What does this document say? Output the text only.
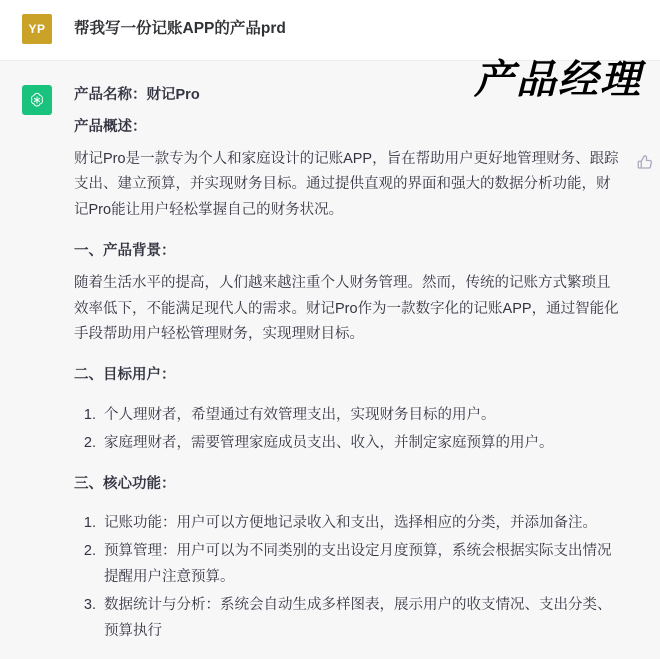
产品经理
YP	帮我写一份记账APP的产品prd

产品名称：财记Pro

产品概述：

财记Pro是一款专为个人和家庭设计的记账APP，旨在帮助用户更好地管理财务、跟踪支出、建立预算，并实现财务目标。通过提供直观的界面和强大的数据分析功能，财记Pro能让用户轻松掌握自己的财务状况。

一、产品背景：

随着生活水平的提高，人们越来越注重个人财务管理。然而，传统的记账方式繁琐且效率低下，不能满足现代人的需求。财记Pro作为一款数字化的记账APP，通过智能化手段帮助用户轻松管理财务，实现理财目标。

二、目标用户：

1. 个人理财者，希望通过有效管理支出，实现财务目标的用户。
2. 家庭理财者，需要管理家庭成员支出、收入，并制定家庭预算的用户。

三、核心功能：

1. 记账功能：用户可以方便地记录收入和支出，选择相应的分类，并添加备注。
2. 预算管理：用户可以为不同类别的支出设定月度预算，系统会根据实际支出情况提醒用户注意预算。
3. 数据统计与分析：系统会自动生成多样图表，展示用户的收支情况、支出分类、预算执行
